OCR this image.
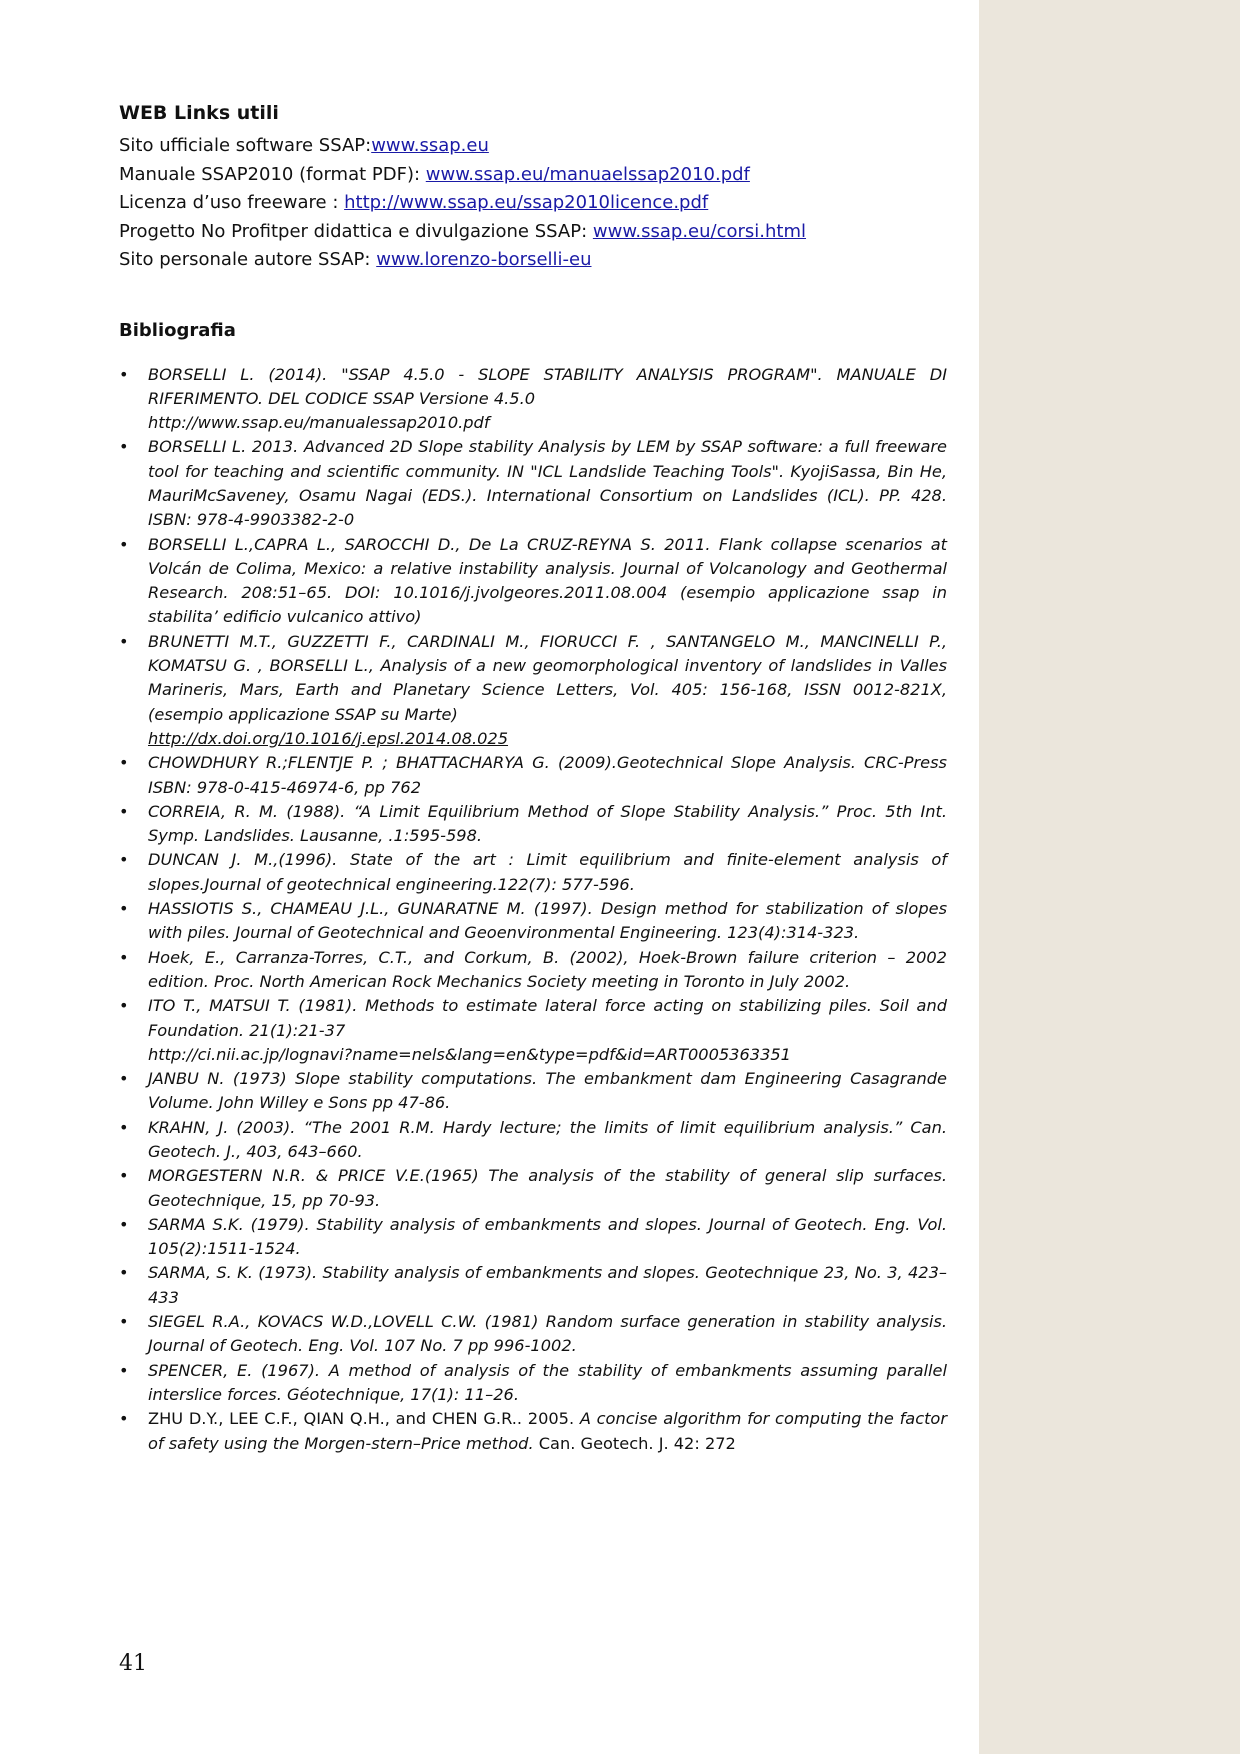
WEB Links utili
Sito ufficiale software SSAP:www.ssap.eu
Manuale SSAP2010 (format PDF): www.ssap.eu/manuaelssap2010.pdf
Licenza d’uso freeware : http://www.ssap.eu/ssap2010licence.pdf
Progetto No Profitper didattica e divulgazione SSAP: www.ssap.eu/corsi.html
Sito personale autore SSAP: www.lorenzo-borselli-eu
Bibliografia
• BORSELLI L. (2014). "SSAP 4.5.0 - SLOPE STABILITY ANALYSIS PROGRAM". MANUALE DI RIFERIMENTO. DEL CODICE SSAP Versione 4.5.0
http://www.ssap.eu/manualessap2010.pdf
• BORSELLI L. 2013. Advanced 2D Slope stability Analysis by LEM by SSAP software: a full freeware tool for teaching and scientific community. IN "ICL Landslide Teaching Tools". KyojiSassa, Bin He, MauriMcSaveney, Osamu Nagai (EDS.). International Consortium on Landslides (ICL). PP. 428. ISBN: 978-4-9903382-2-0
• BORSELLI L.,CAPRA L., SAROCCHI D., De La CRUZ-REYNA S. 2011. Flank collapse scenarios at Volcán de Colima, Mexico: a relative instability analysis. Journal of Volcanology and Geothermal Research. 208:51–65. DOI: 10.1016/j.jvolgeores.2011.08.004 (esempio applicazione ssap in stabilita’ edificio vulcanico attivo)
• BRUNETTI M.T., GUZZETTI F., CARDINALI M., FIORUCCI F. , SANTANGELO M., MANCINELLI P., KOMATSU G. , BORSELLI L., Analysis of a new geomorphological inventory of landslides in Valles Marineris, Mars, Earth and Planetary Science Letters, Vol. 405: 156-168, ISSN 0012-821X, (esempio applicazione SSAP su Marte)
http://dx.doi.org/10.1016/j.epsl.2014.08.025
• CHOWDHURY R.;FLENTJE P. ; BHATTACHARYA G. (2009).Geotechnical Slope Analysis. CRC-Press ISBN: 978-0-415-46974-6, pp 762
• CORREIA, R. M. (1988). “A Limit Equilibrium Method of Slope Stability Analysis.” Proc. 5th Int. Symp. Landslides. Lausanne, .1:595-598.
• DUNCAN J. M.,(1996). State of the art : Limit equilibrium and finite-element analysis of slopes.Journal of geotechnical engineering.122(7): 577-596.
• HASSIOTIS S., CHAMEAU J.L., GUNARATNE M. (1997). Design method for stabilization of slopes with piles. Journal of Geotechnical and Geoenvironmental Engineering. 123(4):314-323.
• Hoek, E., Carranza-Torres, C.T., and Corkum, B. (2002), Hoek-Brown failure criterion – 2002 edition. Proc. North American Rock Mechanics Society meeting in Toronto in July 2002.
• ITO T., MATSUI T. (1981). Methods to estimate lateral force acting on stabilizing piles. Soil and Foundation. 21(1):21-37
http://ci.nii.ac.jp/lognavi?name=nels&lang=en&type=pdf&id=ART0005363351
• JANBU N. (1973) Slope stability computations. The embankment dam Engineering Casagrande Volume. John Willey e Sons pp 47-86.
• KRAHN, J. (2003). “The 2001 R.M. Hardy lecture; the limits of limit equilibrium analysis.” Can. Geotech. J., 403, 643–660.
• MORGESTERN N.R. & PRICE V.E.(1965) The analysis of the stability of general slip surfaces. Geotechnique, 15, pp 70-93.
• SARMA S.K. (1979). Stability analysis of embankments and slopes. Journal of Geotech. Eng. Vol. 105(2):1511-1524.
• SARMA, S. K. (1973). Stability analysis of embankments and slopes. Geotechnique 23, No. 3, 423–433
• SIEGEL R.A., KOVACS W.D.,LOVELL C.W. (1981) Random surface generation in stability analysis. Journal of Geotech. Eng. Vol. 107 No. 7 pp 996-1002.
• SPENCER, E. (1967). A method of analysis of the stability of embankments assuming parallel interslice forces. Géotechnique, 17(1): 11–26.
• ZHU D.Y., LEE C.F., QIAN Q.H., and CHEN G.R.. 2005. A concise algorithm for computing the factor of safety using the Morgen-stern–Price method. Can. Geotech. J. 42: 272
41
